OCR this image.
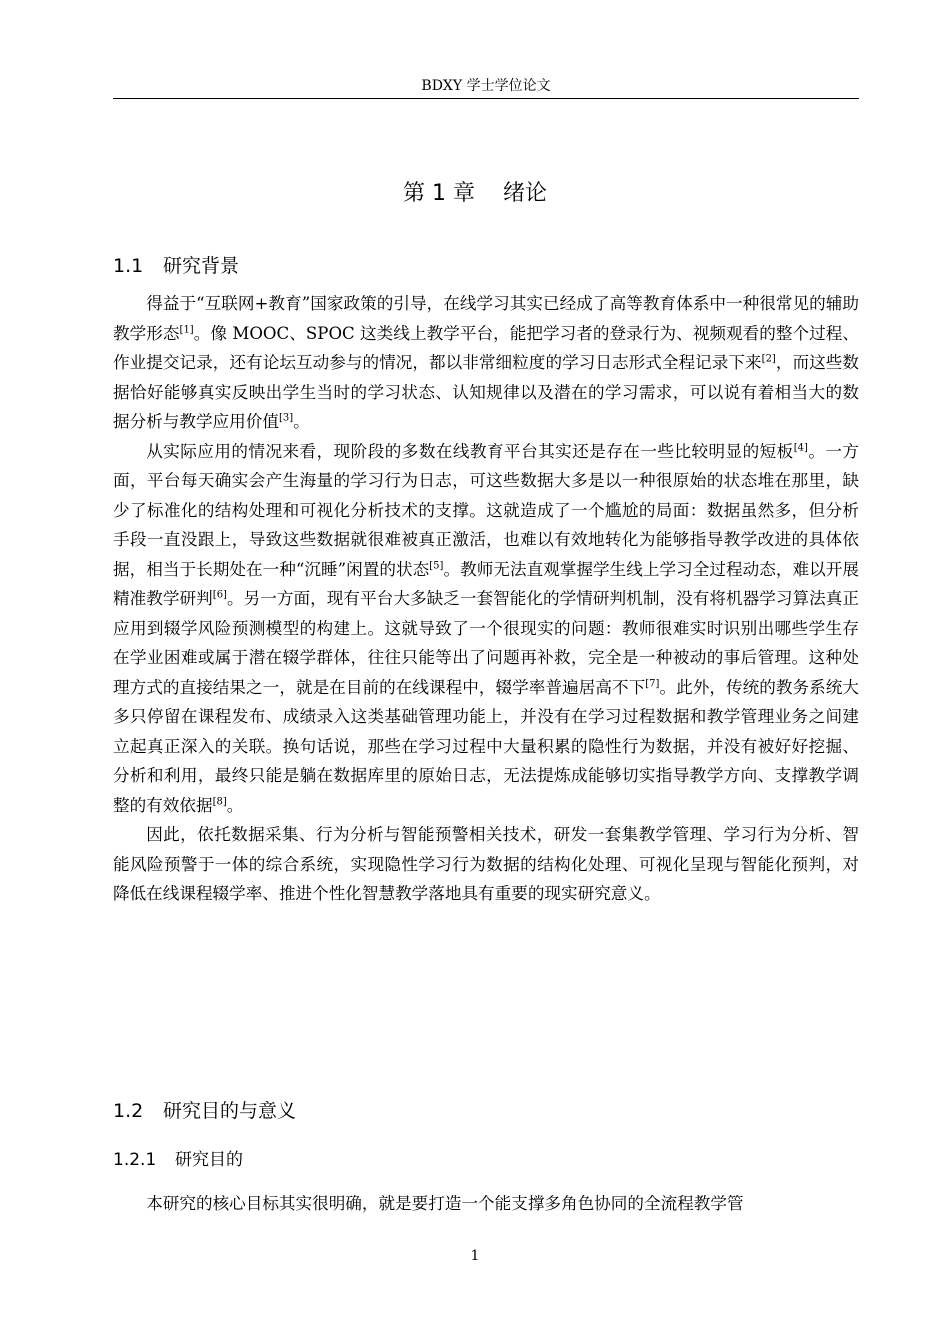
BDXY 学士学位论文
第 1 章 绪论
1.1 研究背景

得益于“互联网+教育”国家政策的引导，在线学习其实已经成了高等教育体系中一种很常见的辅助教学形态[1]。像 MOOC、SPOC 这类线上教学平台，能把学习者的登录行为、视频观看的整个过程、作业提交记录，还有论坛互动参与的情况，都以非常细粒度的学习日志形式全程记录下来[2]，而这些数据恰好能够真实反映出学生当时的学习状态、认知规律以及潜在的学习需求，可以说有着相当大的数据分析与教学应用价值[3]。

从实际应用的情况来看，现阶段的多数在线教育平台其实还是存在一些比较明显的短板[4]。一方面，平台每天确实会产生海量的学习行为日志，可这些数据大多是以一种很原始的状态堆在那里，缺少了标准化的结构处理和可视化分析技术的支撑。这就造成了一个尴尬的局面：数据虽然多，但分析手段一直没跟上，导致这些数据就很难被真正激活，也难以有效地转化为能够指导教学改进的具体依据，相当于长期处在一种“沉睡”闲置的状态[5]。教师无法直观掌握学生线上学习全过程动态，难以开展精准教学研判[6]。另一方面，现有平台大多缺乏一套智能化的学情研判机制，没有将机器学习算法真正应用到辍学风险预测模型的构建上。这就导致了一个很现实的问题：教师很难实时识别出哪些学生存在学业困难或属于潜在辍学群体，往往只能等出了问题再补救，完全是一种被动的事后管理。这种处理方式的直接结果之一，就是在目前的在线课程中，辍学率普遍居高不下[7]。此外，传统的教务系统大多只停留在课程发布、成绩录入这类基础管理功能上，并没有在学习过程数据和教学管理业务之间建立起真正深入的关联。换句话说，那些在学习过程中大量积累的隐性行为数据，并没有被好好挖掘、分析和利用，最终只能是躺在数据库里的原始日志，无法提炼成能够切实指导教学方向、支撑教学调整的有效依据[8]。

因此，依托数据采集、行为分析与智能预警相关技术，研发一套集教学管理、学习行为分析、智能风险预警于一体的综合系统，实现隐性学习行为数据的结构化处理、可视化呈现与智能化预判，对降低在线课程辍学率、推进个性化智慧教学落地具有重要的现实研究意义。

1.2 研究目的与意义
1.2.1 研究目的

本研究的核心目标其实很明确，就是要打造一个能支撑多角色协同的全流程教学管

1
